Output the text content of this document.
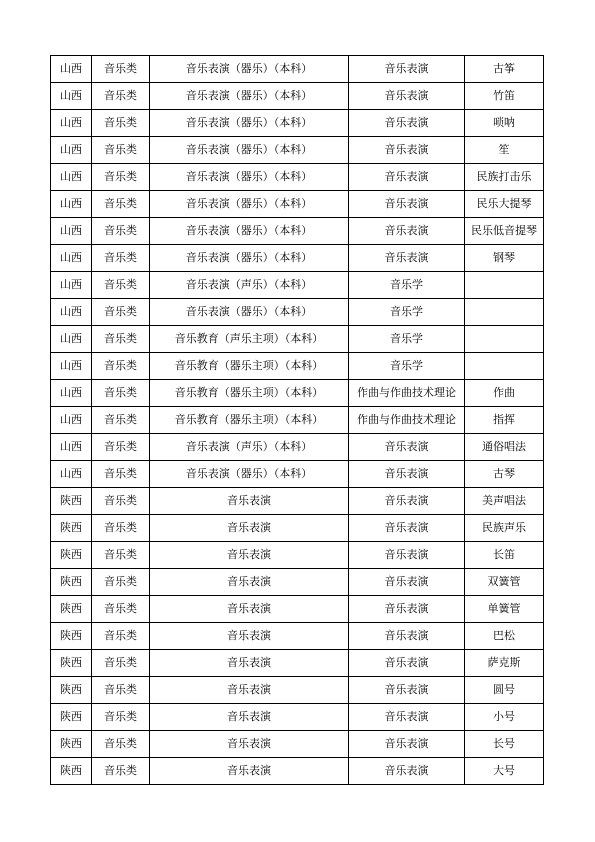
山西	音乐类	音乐表演（器乐）（本科）	音乐表演	古筝
山西	音乐类	音乐表演（器乐）（本科）	音乐表演	竹笛
山西	音乐类	音乐表演（器乐）（本科）	音乐表演	唢呐
山西	音乐类	音乐表演（器乐）（本科）	音乐表演	笙
山西	音乐类	音乐表演（器乐）（本科）	音乐表演	民族打击乐
山西	音乐类	音乐表演（器乐）（本科）	音乐表演	民乐大提琴
山西	音乐类	音乐表演（器乐）（本科）	音乐表演	民乐低音提琴
山西	音乐类	音乐表演（器乐）（本科）	音乐表演	钢琴
山西	音乐类	音乐表演（声乐）（本科）	音乐学	
山西	音乐类	音乐表演（器乐）（本科）	音乐学	
山西	音乐类	音乐教育（声乐主项）（本科）	音乐学	
山西	音乐类	音乐教育（器乐主项）（本科）	音乐学	
山西	音乐类	音乐教育（器乐主项）（本科）	作曲与作曲技术理论	作曲
山西	音乐类	音乐教育（器乐主项）（本科）	作曲与作曲技术理论	指挥
山西	音乐类	音乐表演（声乐）（本科）	音乐表演	通俗唱法
山西	音乐类	音乐表演（器乐）（本科）	音乐表演	古琴
陕西	音乐类	音乐表演	音乐表演	美声唱法
陕西	音乐类	音乐表演	音乐表演	民族声乐
陕西	音乐类	音乐表演	音乐表演	长笛
陕西	音乐类	音乐表演	音乐表演	双簧管
陕西	音乐类	音乐表演	音乐表演	单簧管
陕西	音乐类	音乐表演	音乐表演	巴松
陕西	音乐类	音乐表演	音乐表演	萨克斯
陕西	音乐类	音乐表演	音乐表演	圆号
陕西	音乐类	音乐表演	音乐表演	小号
陕西	音乐类	音乐表演	音乐表演	长号
陕西	音乐类	音乐表演	音乐表演	大号
